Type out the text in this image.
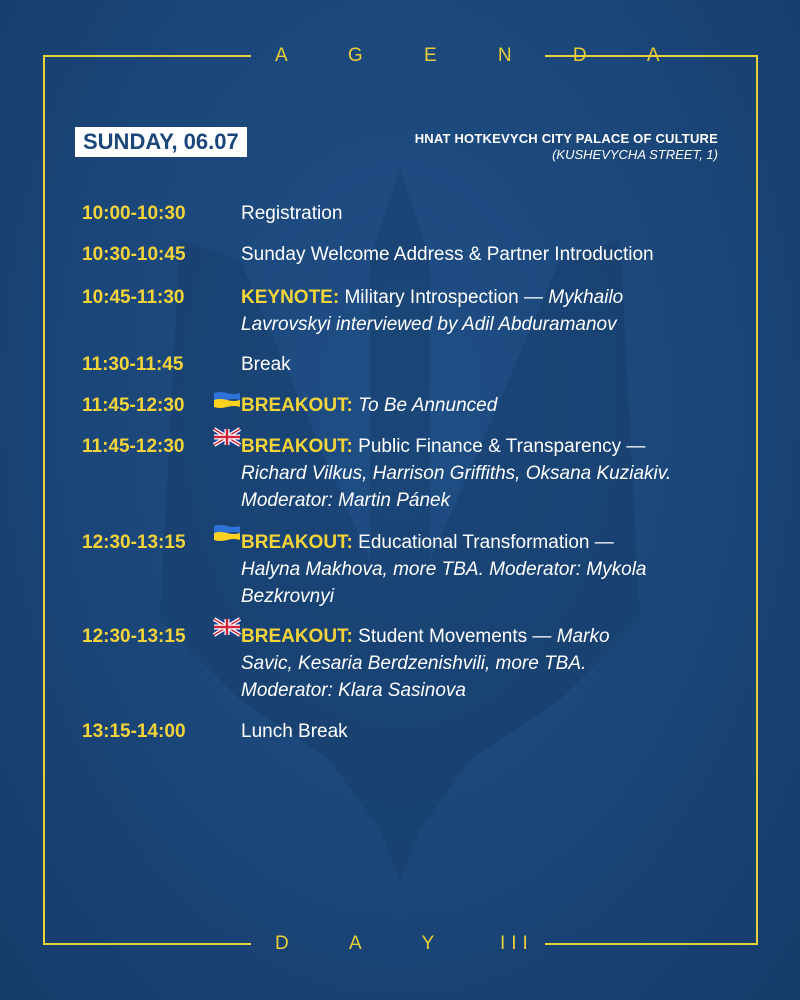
A G E N D A
D A Y III
SUNDAY, 06.07	HNAT HOTKEVYCH CITY PALACE OF CULTURE
(KUSHEVYCHA STREET, 1)
10:00-10:30	Registration
10:30-10:45	Sunday Welcome Address & Partner Introduction
10:45-11:30	KEYNOTE: Military Introspection — Mykhailo Lavrovskyi interviewed by Adil Abduramanov
11:30-11:45	Break
11:45-12:30	BREAKOUT: To Be Annunced
11:45-12:30	BREAKOUT: Public Finance & Transparency — Richard Vilkus, Harrison Griffiths, Oksana Kuziakiv. Moderator: Martin Pánek
12:30-13:15	BREAKOUT: Educational Transformation — Halyna Makhova, more TBA. Moderator: Mykola Bezkrovnyi
12:30-13:15	BREAKOUT: Student Movements — Marko Savic, Kesaria Berdzenishvili, more TBA. Moderator: Klara Sasinova
13:15-14:00	Lunch Break
